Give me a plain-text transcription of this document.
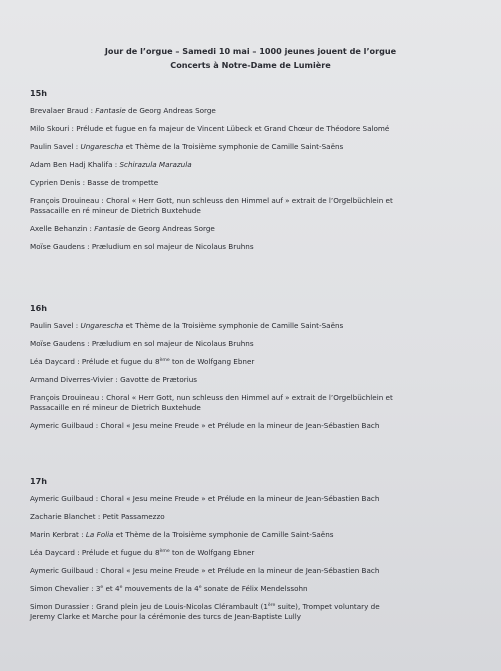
Jour de l’orgue – Samedi 10 mai – 1000 jeunes jouent de l’orgue
Concerts à Notre-Dame de Lumière
15h
Brevalaer Braud : Fantasie de Georg Andreas Sorge
Milo Skouri : Prélude et fugue en fa majeur de Vincent Lübeck et Grand Chœur de Théodore Salomé
Paulin Savel : Ungarescha et Thème de la Troisième symphonie de Camille Saint-Saëns
Adam Ben Hadj Khalifa : Schirazula Marazula
Cyprien Denis : Basse de trompette
François Drouineau : Choral « Herr Gott, nun schleuss den Himmel auf » extrait de l’Orgelbüchlein et
Passacaille en ré mineur de Dietrich Buxtehude
Axelle Behanzin : Fantasie de Georg Andreas Sorge
Moïse Gaudens : Præludium en sol majeur de Nicolaus Bruhns
16h
Paulin Savel : Ungarescha et Thème de la Troisième symphonie de Camille Saint-Saëns
Moïse Gaudens : Præludium en sol majeur de Nicolaus Bruhns
Léa Daycard : Prélude et fugue du 8ème ton de Wolfgang Ebner
Armand Diverres-Vivier : Gavotte de Prætorius
François Drouineau : Choral « Herr Gott, nun schleuss den Himmel auf » extrait de l’Orgelbüchlein et
Passacaille en ré mineur de Dietrich Buxtehude
Aymeric Guilbaud : Choral « Jesu meine Freude » et Prélude en la mineur de Jean-Sébastien Bach
17h
Aymeric Guilbaud : Choral « Jesu meine Freude » et Prélude en la mineur de Jean-Sébastien Bach
Zacharie Blanchet : Petit Passamezzo
Marin Kerbrat : La Folia et Thème de la Troisième symphonie de Camille Saint-Saëns
Léa Daycard : Prélude et fugue du 8ème ton de Wolfgang Ebner
Aymeric Guilbaud : Choral « Jesu meine Freude » et Prélude en la mineur de Jean-Sébastien Bach
Simon Chevalier : 3e et 4e mouvements de la 4e sonate de Félix Mendelssohn
Simon Durassier : Grand plein jeu de Louis-Nicolas Clérambault (1ère suite), Trompet voluntary de
Jeremy Clarke et Marche pour la cérémonie des turcs de Jean-Baptiste Lully
